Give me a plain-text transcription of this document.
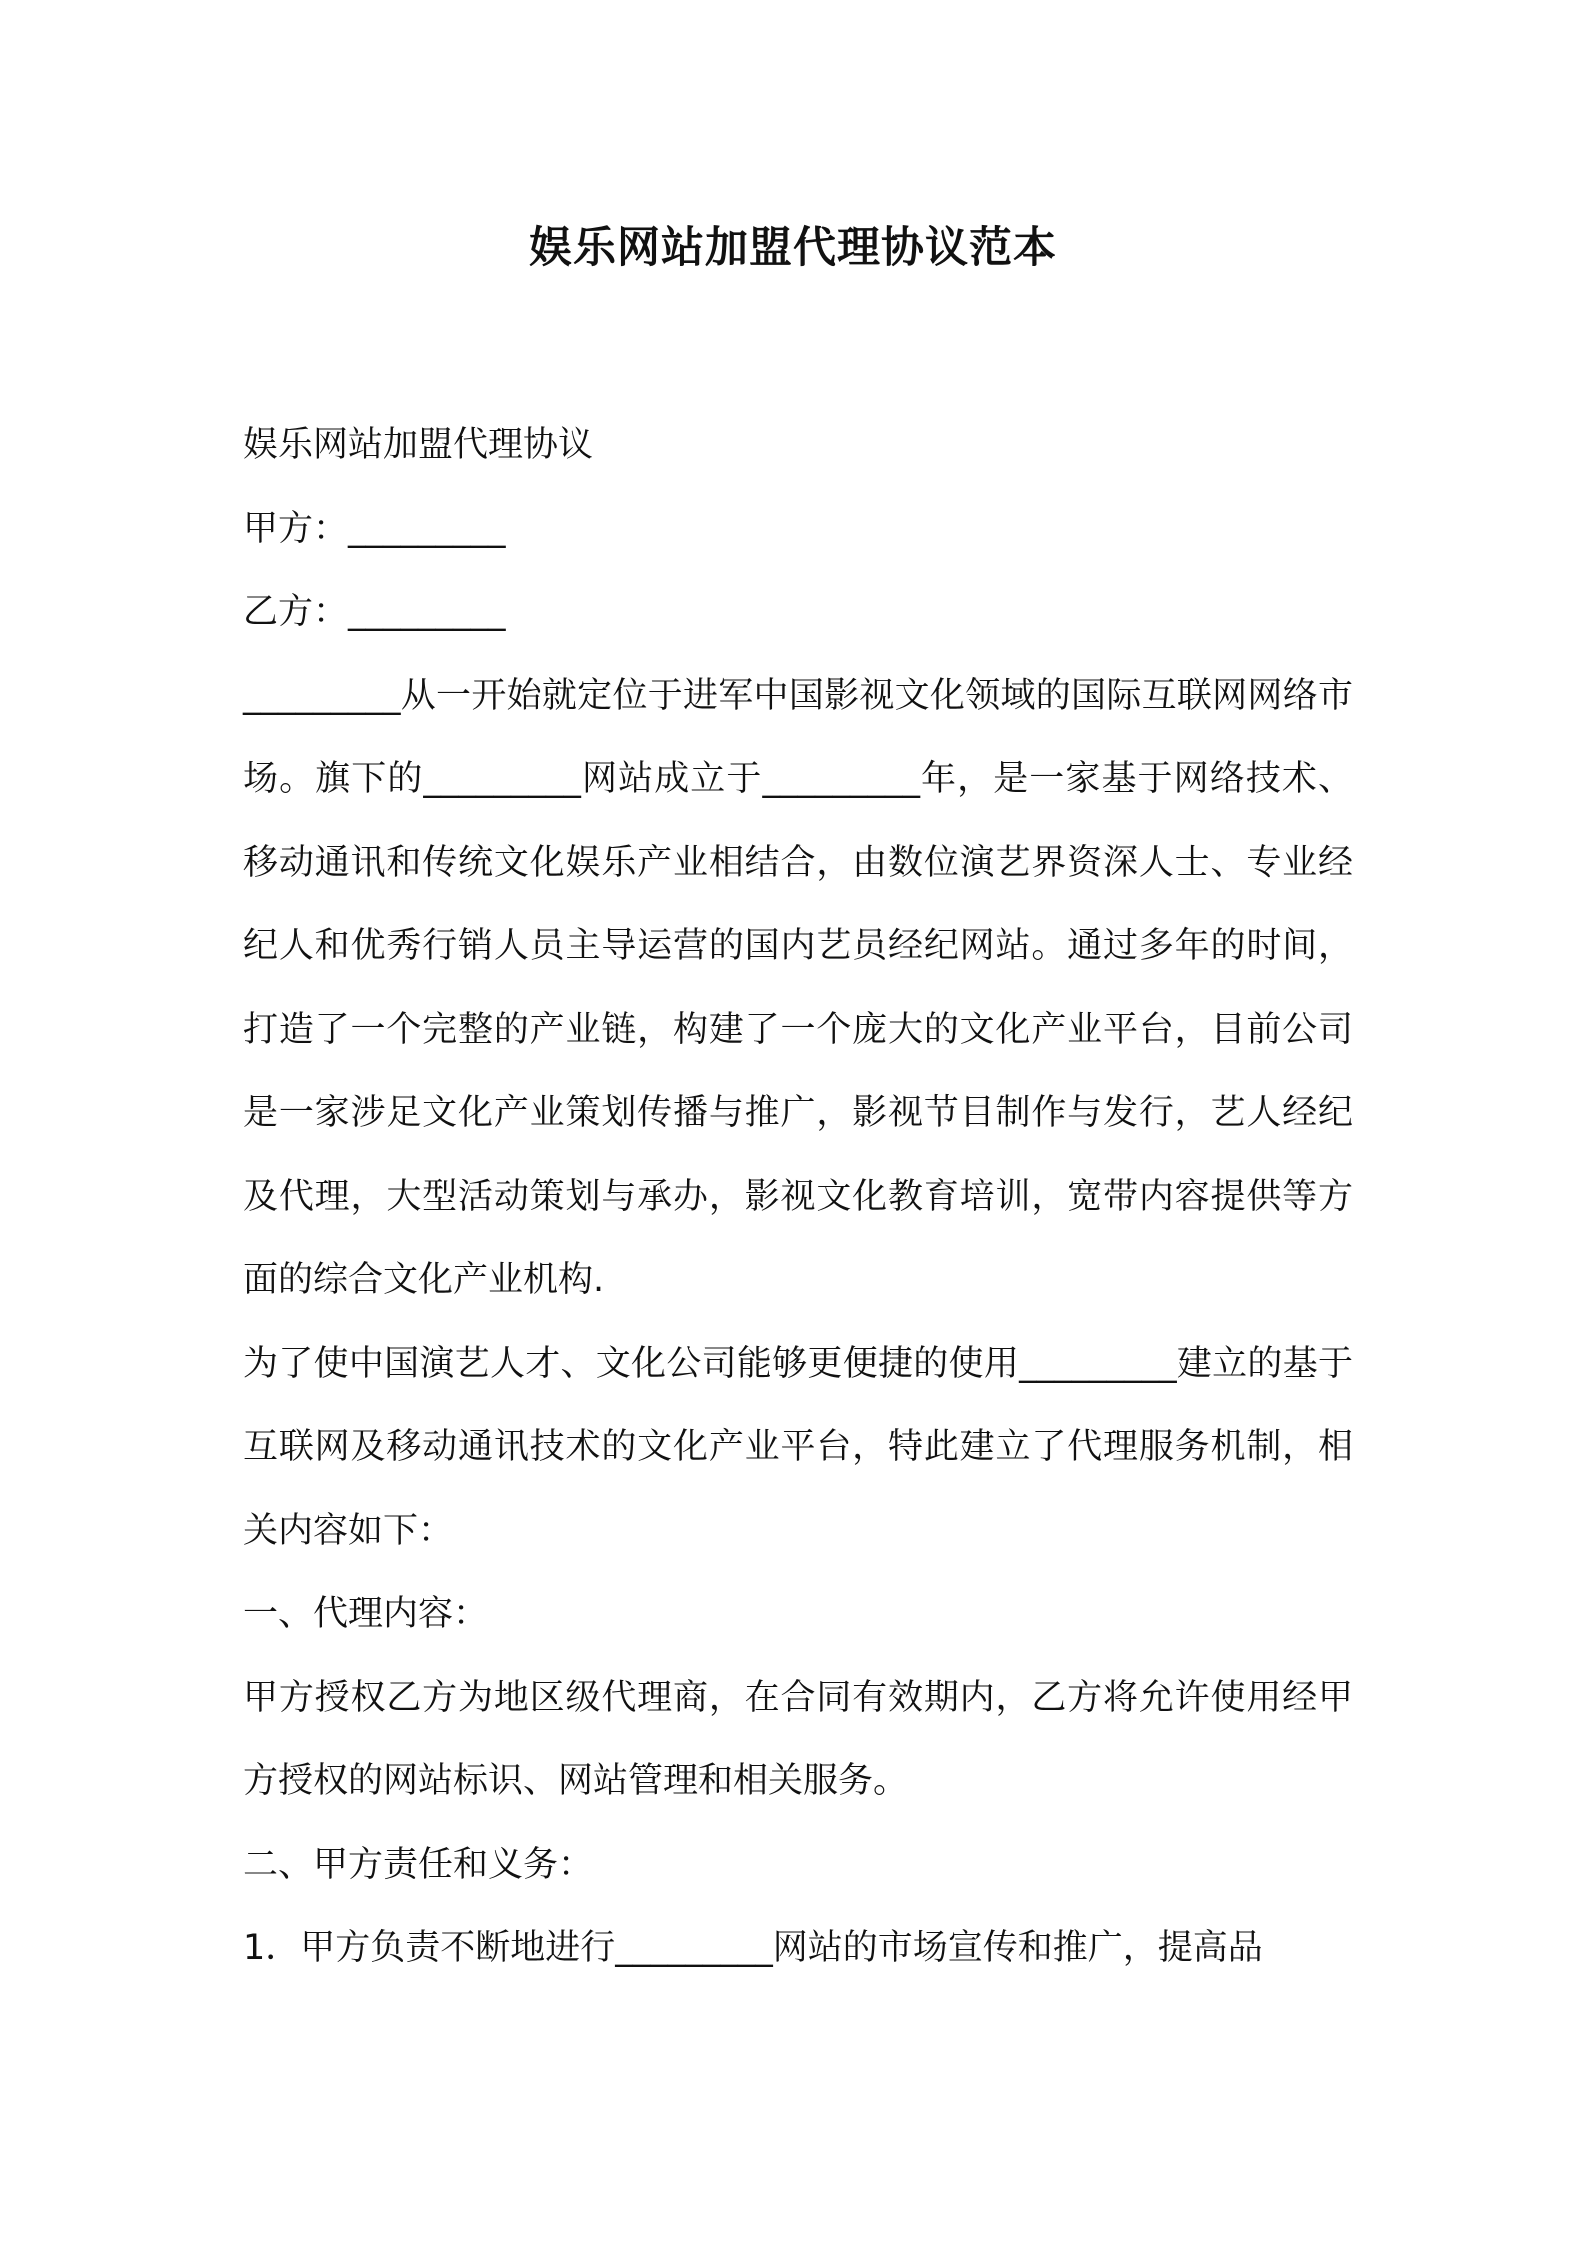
娱乐网站加盟代理协议范本

娱乐网站加盟代理协议

甲方：_________

乙方：_________

_________从一开始就定位于进军中国影视文化领域的国际互联网网络市场。旗下的_________网站成立于_________年，是一家基于网络技术、移动通讯和传统文化娱乐产业相结合，由数位演艺界资深人士、专业经纪人和优秀行销人员主导运营的国内艺员经纪网站。通过多年的时间，打造了一个完整的产业链，构建了一个庞大的文化产业平台，目前公司是一家涉足文化产业策划传播与推广，影视节目制作与发行，艺人经纪及代理，大型活动策划与承办，影视文化教育培训，宽带内容提供等方面的综合文化产业机构.

为了使中国演艺人才、文化公司能够更便捷的使用_________建立的基于互联网及移动通讯技术的文化产业平台，特此建立了代理服务机制，相关内容如下：

一、代理内容：

甲方授权乙方为地区级代理商，在合同有效期内，乙方将允许使用经甲方授权的网站标识、网站管理和相关服务。

二、甲方责任和义务：

1．甲方负责不断地进行_________网站的市场宣传和推广，提高品
